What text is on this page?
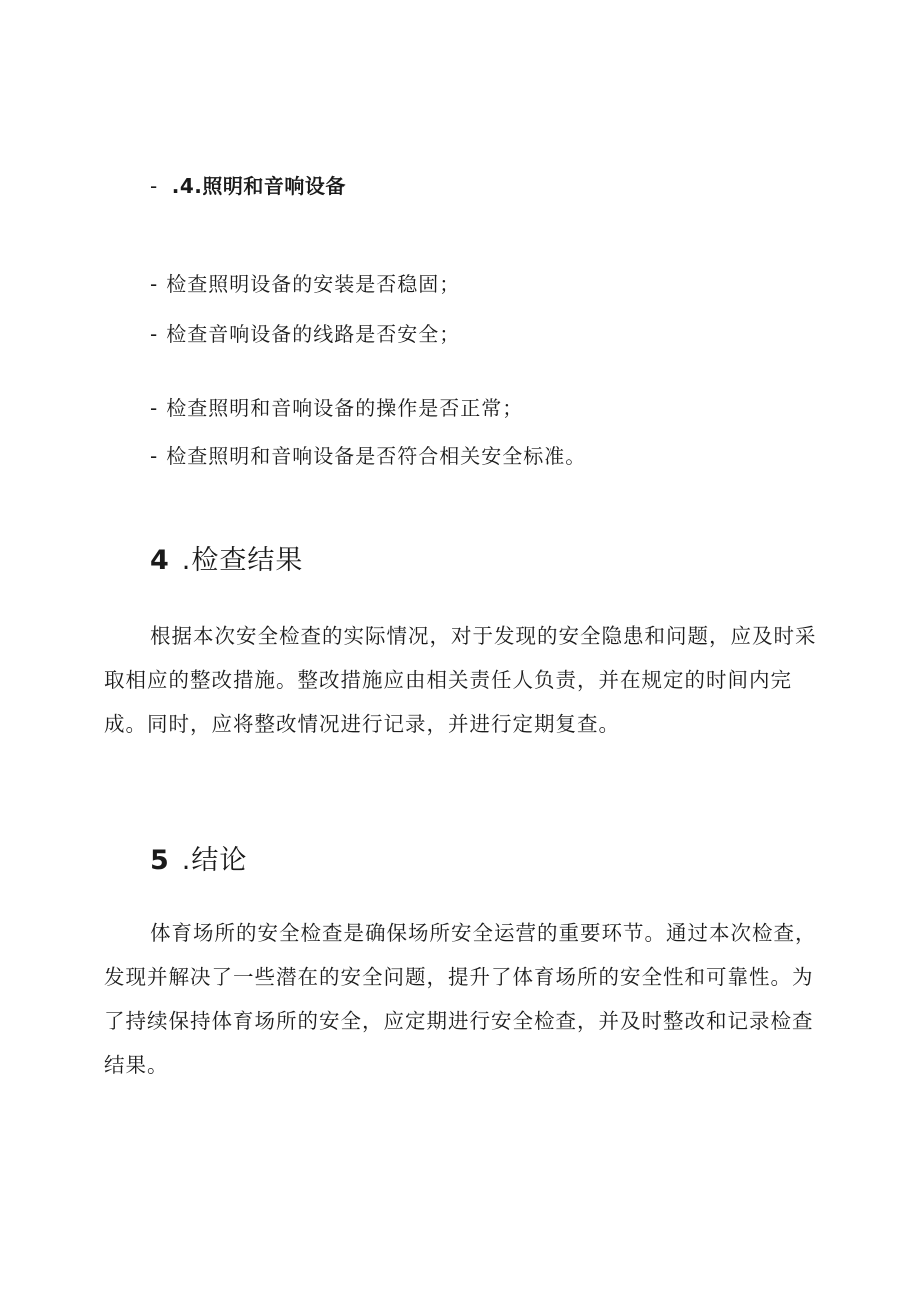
- .4.照明和音响设备
- 检查照明设备的安装是否稳固；
- 检查音响设备的线路是否安全；
- 检查照明和音响设备的操作是否正常；
- 检查照明和音响设备是否符合相关安全标准。
4 .检查结果

根据本次安全检查的实际情况，对于发现的安全隐患和问题，应及时采取相应的整改措施。整改措施应由相关责任人负责，并在规定的时间内完成。同时，应将整改情况进行记录，并进行定期复查。

5 .结论

体育场所的安全检查是确保场所安全运营的重要环节。通过本次检查，发现并解决了一些潜在的安全问题，提升了体育场所的安全性和可靠性。为了持续保持体育场所的安全，应定期进行安全检查，并及时整改和记录检查结果。
